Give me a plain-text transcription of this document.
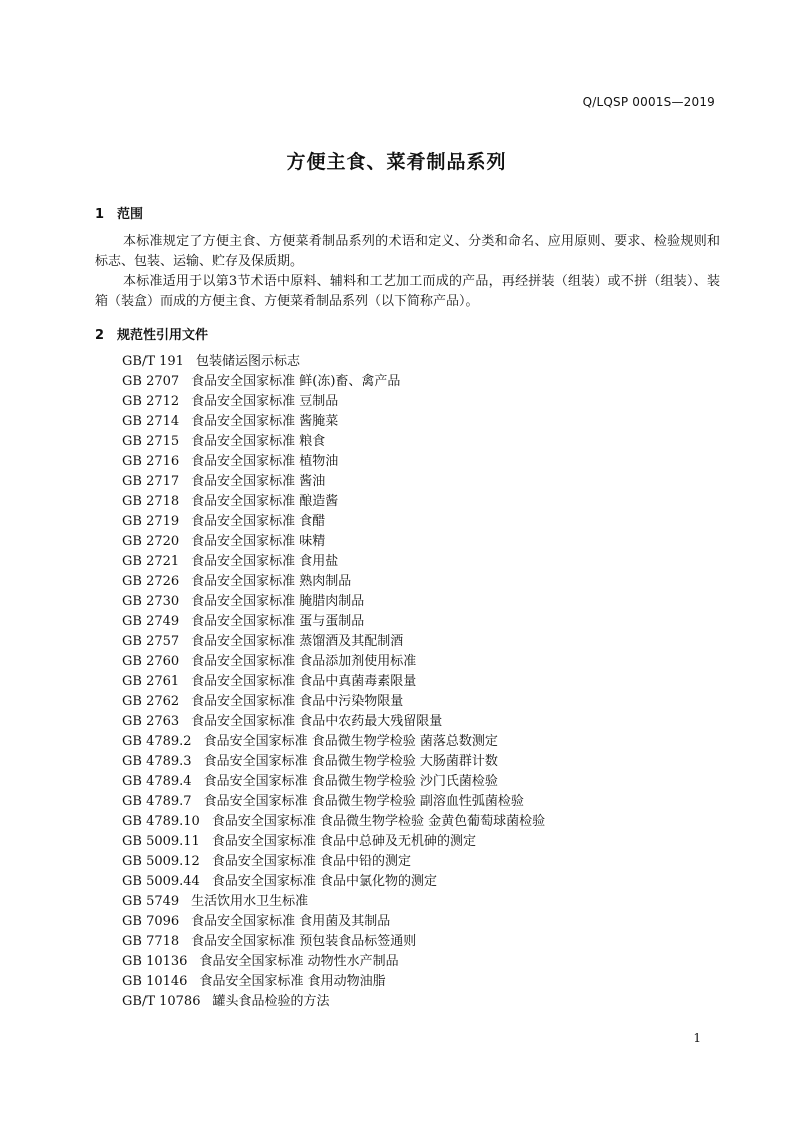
Q/LQSP 0001S—2019
方便主食、菜肴制品系列
1 范围
本标准规定了方便主食、方便菜肴制品系列的术语和定义、分类和命名、应用原则、要求、检验规则和标志、包装、运输、贮存及保质期。
本标准适用于以第3节术语中原料、辅料和工艺加工而成的产品，再经拼装（组装）或不拼（组装）、装箱（装盒）而成的方便主食、方便菜肴制品系列（以下简称产品）。
2 规范性引用文件
GB/T 191 包装储运图示标志
GB 2707 食品安全国家标准 鲜(冻)畜、禽产品
GB 2712 食品安全国家标准 豆制品
GB 2714 食品安全国家标准 酱腌菜
GB 2715 食品安全国家标准 粮食
GB 2716 食品安全国家标准 植物油
GB 2717 食品安全国家标准 酱油
GB 2718 食品安全国家标准 酿造酱
GB 2719 食品安全国家标准 食醋
GB 2720 食品安全国家标准 味精
GB 2721 食品安全国家标准 食用盐
GB 2726 食品安全国家标准 熟肉制品
GB 2730 食品安全国家标准 腌腊肉制品
GB 2749 食品安全国家标准 蛋与蛋制品
GB 2757 食品安全国家标准 蒸馏酒及其配制酒
GB 2760 食品安全国家标准 食品添加剂使用标准
GB 2761 食品安全国家标准 食品中真菌毒素限量
GB 2762 食品安全国家标准 食品中污染物限量
GB 2763 食品安全国家标准 食品中农药最大残留限量
GB 4789.2 食品安全国家标准 食品微生物学检验 菌落总数测定
GB 4789.3 食品安全国家标准 食品微生物学检验 大肠菌群计数
GB 4789.4 食品安全国家标准 食品微生物学检验 沙门氏菌检验
GB 4789.7 食品安全国家标准 食品微生物学检验 副溶血性弧菌检验
GB 4789.10 食品安全国家标准 食品微生物学检验 金黄色葡萄球菌检验
GB 5009.11 食品安全国家标准 食品中总砷及无机砷的测定
GB 5009.12 食品安全国家标准 食品中铅的测定
GB 5009.44 食品安全国家标准 食品中氯化物的测定
GB 5749 生活饮用水卫生标准
GB 7096 食品安全国家标准 食用菌及其制品
GB 7718 食品安全国家标准 预包装食品标签通则
GB 10136 食品安全国家标准 动物性水产制品
GB 10146 食品安全国家标准 食用动物油脂
GB/T 10786 罐头食品检验的方法
1
